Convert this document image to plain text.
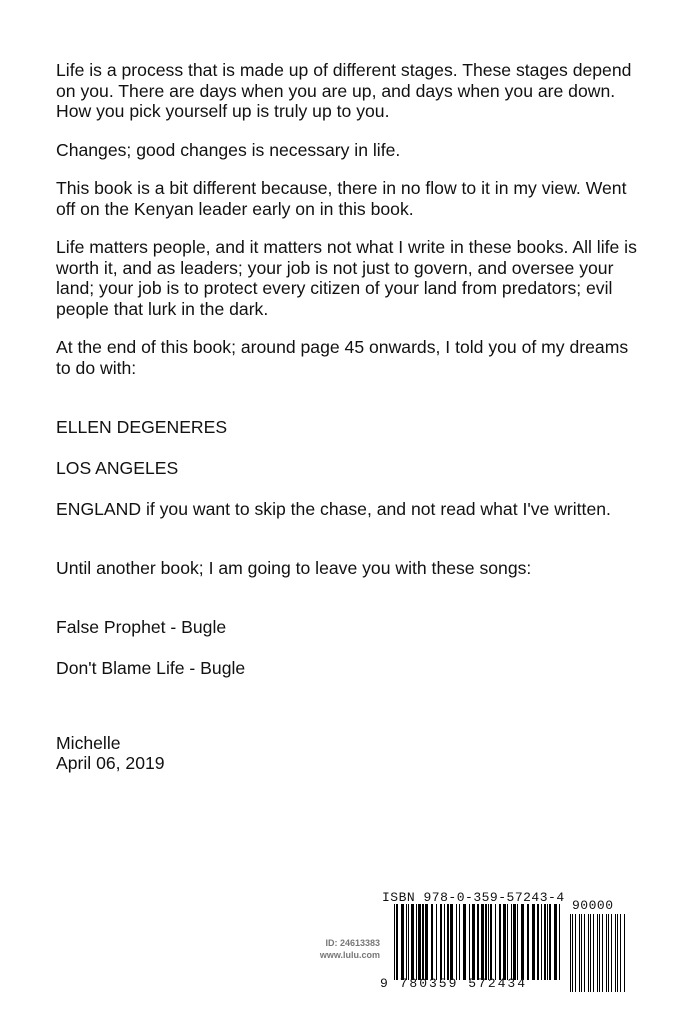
Life is a process that is made up of different stages. These stages depend on you. There are days when you are up, and days when you are down. How you pick yourself up is truly up to you.

Changes; good changes is necessary in life.

This book is a bit different because, there in no flow to it in my view. Went off on the Kenyan leader early on in this book.

Life matters people, and it matters not what I write in these books. All life is worth it, and as leaders; your job is not just to govern, and oversee your land; your job is to protect every citizen of your land from predators; evil people that lurk in the dark.

At the end of this book; around page 45 onwards, I told you of my dreams to do with:

ELLEN DEGENERES

LOS ANGELES

ENGLAND if you want to skip the chase, and not read what I've written.

Until another book; I am going to leave you with these songs:

False Prophet - Bugle

Don't Blame Life - Bugle

Michelle
April 06, 2019
ID: 24613383
www.lulu.com
ISBN 978-0-359-57243-4
90000
9 780359 572434
